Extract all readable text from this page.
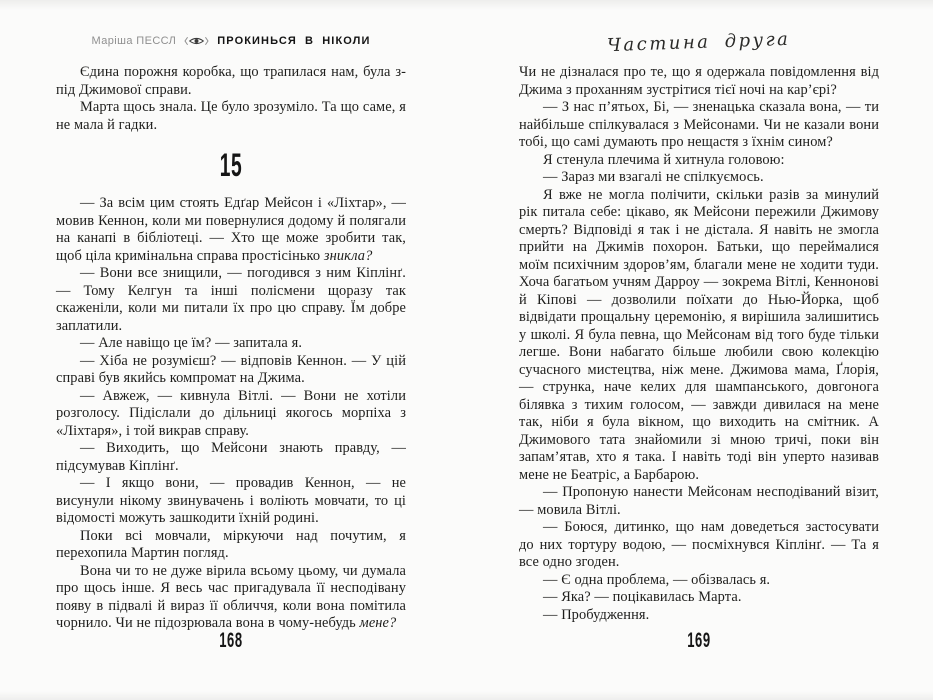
Маріша ПЕССЛ	ПРОКИНЬСЯ В НІКОЛИ

Єдина порожня коробка, що трапилася нам, була з-під Джимової справи.

Марта щось знала. Це було зрозуміло. Та що саме, я не мала й гадки.

15

— За всім цим стоять Едґар Мейсон і «Ліхтар», — мовив Кеннон, коли ми повернулися додому й полягали на канапі в бібліотеці. — Хто ще може зробити так, щоб ціла кримінальна справа простісінько зникла?

— Вони все знищили, — погодився з ним Кіплінґ. — Тому Келгун та інші полісмени щоразу так скаженіли, коли ми питали їх про цю справу. Їм добре заплатили.

— Але навіщо це їм? — запитала я.

— Хіба не розумієш? — відповів Кеннон. — У цій справі був якийсь компромат на Джима.

— Авжеж, — кивнула Вітлі. — Вони не хотіли розголосу. Підіслали до дільниці якогось морпіха з «Ліхтаря», і той викрав справу.

— Виходить, що Мейсони знають правду, — підсумував Кіплінґ.

— І якщо вони, — провадив Кеннон, — не висунули нікому звинувачень і воліють мовчати, то ці відомості можуть зашкодити їхній родині.

Поки всі мовчали, міркуючи над почутим, я перехопила Мартин погляд.

Вона чи то не дуже вірила всьому цьому, чи думала про щось інше. Я весь час пригадувала її несподівану появу в підвалі й вираз її обличчя, коли вона помітила чорнило. Чи не підозрювала вона в чому-небудь мене?

168
Частина друга

Чи не дізналася про те, що я одержала повідомлення від Джима з проханням зустрітися тієї ночі на кар’єрі?

— З нас п’ятьох, Бі, — зненацька сказала вона, — ти найбільше спілкувалася з Мейсонами. Чи не казали вони тобі, що самі думають про нещастя з їхнім сином?

Я стенула плечима й хитнула головою:

— Зараз ми взагалі не спілкуємось.

Я вже не могла полічити, скільки разів за минулий рік питала себе: цікаво, як Мейсони пережили Джимову смерть? Відповіді я так і не дістала. Я навіть не змогла прийти на Джимів похорон. Батьки, що переймалися моїм психічним здоров’ям, благали мене не ходити туди. Хоча багатьом учням Дарроу — зокрема Вітлі, Кеннонові й Кіпові — дозволили поїхати до Нью-Йорка, щоб відвідати прощальну церемонію, я вирішила залишитись у школі. Я була певна, що Мейсонам від того буде тільки легше. Вони набагато більше любили свою колекцію сучасного мистецтва, ніж мене. Джимова мама, Ґлорія, — струнка, наче келих для шампанського, довгонога білявка з тихим голосом, — завжди дивилася на мене так, ніби я була вікном, що виходить на смітник. А Джимового тата знайомили зі мною тричі, поки він запам’ятав, хто я така. І навіть тоді він уперто називав мене не Беатріс, а Барбарою.

— Пропоную нанести Мейсонам несподіваний візит, — мовила Вітлі.

— Боюся, дитинко, що нам доведеться застосувати до них тортуру водою, — посміхнувся Кіплінґ. — Та я все одно згоден.

— Є одна проблема, — обізвалась я.

— Яка? — поцікавилась Марта.

— Пробудження.

169
